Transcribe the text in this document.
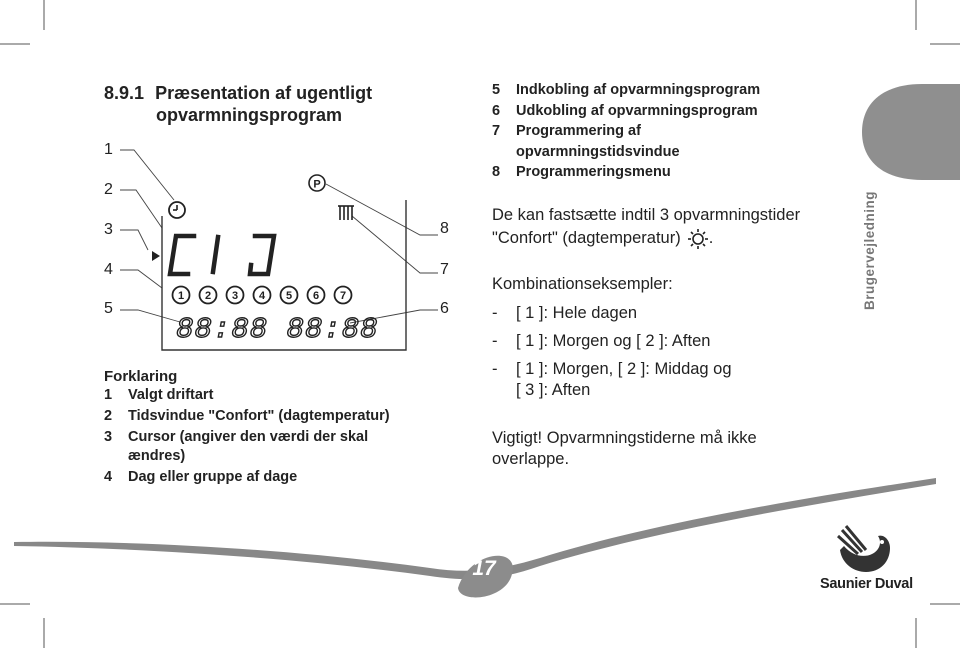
8.9.1 Præsentation af ugentligt
opvarmningsprogram
1
2
3
4
5
8
7
6
P
1 2 3 4 5 6 7
88:88 88:88
Forklaring
1	Valgt driftart
2	Tidsvindue "Confort" (dagtemperatur)
3	Cursor (angiver den værdi der skal
ændres)
4	Dag eller gruppe af dage
5	Indkobling af opvarmningsprogram
6	Udkobling af opvarmningsprogram
7	Programmering af
opvarmningstidsvindue
8	Programmeringsmenu
De kan fastsætte indtil 3 opvarmningstider
"Confort" (dagtemperatur) .
Kombinationseksempler:
-	[ 1 ]: Hele dagen
-	[ 1 ]: Morgen og [ 2 ]: Aften
-	[ 1 ]: Morgen, [ 2 ]: Middag og
[ 3 ]: Aften
Vigtigt! Opvarmningstiderne må ikke
overlappe.
Brugervejledning
17
Saunier Duval
